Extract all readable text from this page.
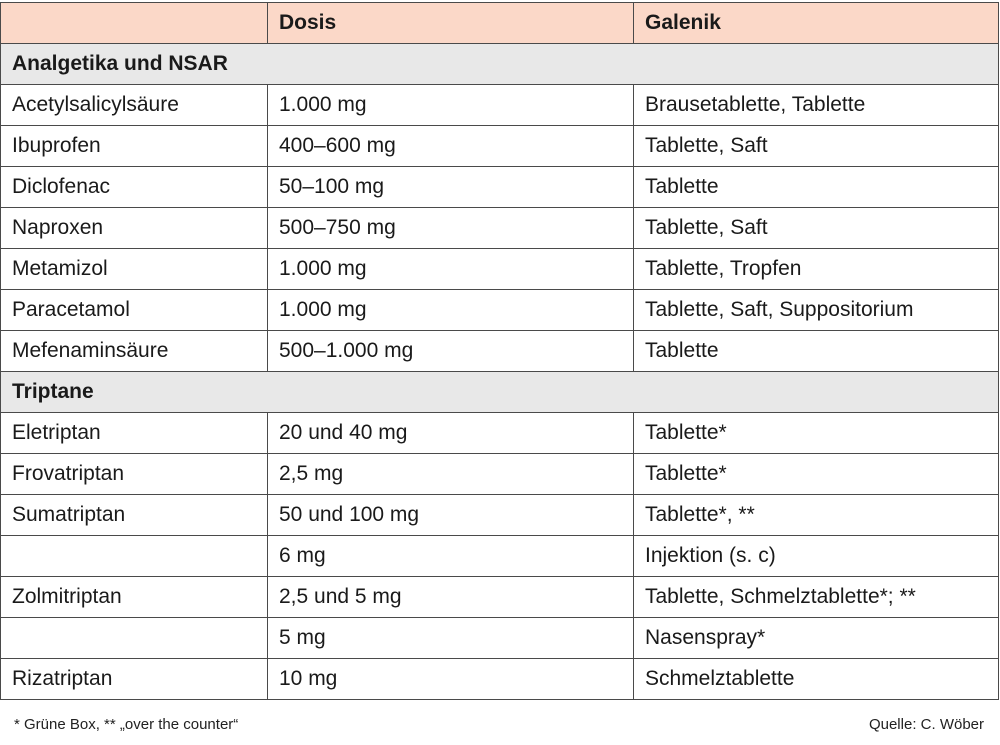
	Dosis	Galenik
Analgetika und NSAR		
Acetylsalicylsäure	1.000 mg	Brausetablette, Tablette
Ibuprofen	400–600 mg	Tablette, Saft
Diclofenac	50–100 mg	Tablette
Naproxen	500–750 mg	Tablette, Saft
Metamizol	1.000 mg	Tablette, Tropfen
Paracetamol	1.000 mg	Tablette, Saft, Suppositorium
Mefenaminsäure	500–1.000 mg	Tablette
Triptane		
Eletriptan	20 und 40 mg	Tablette*
Frovatriptan	2,5 mg	Tablette*
Sumatriptan	50 und 100 mg	Tablette*, **
	6 mg	Injektion (s. c)
Zolmitriptan	2,5 und 5 mg	Tablette, Schmelztablette*; **
	5 mg	Nasenspray*
Rizatriptan	10 mg	Schmelztablette
* Grüne Box, ** „over the counter“	Quelle: C. Wöber
